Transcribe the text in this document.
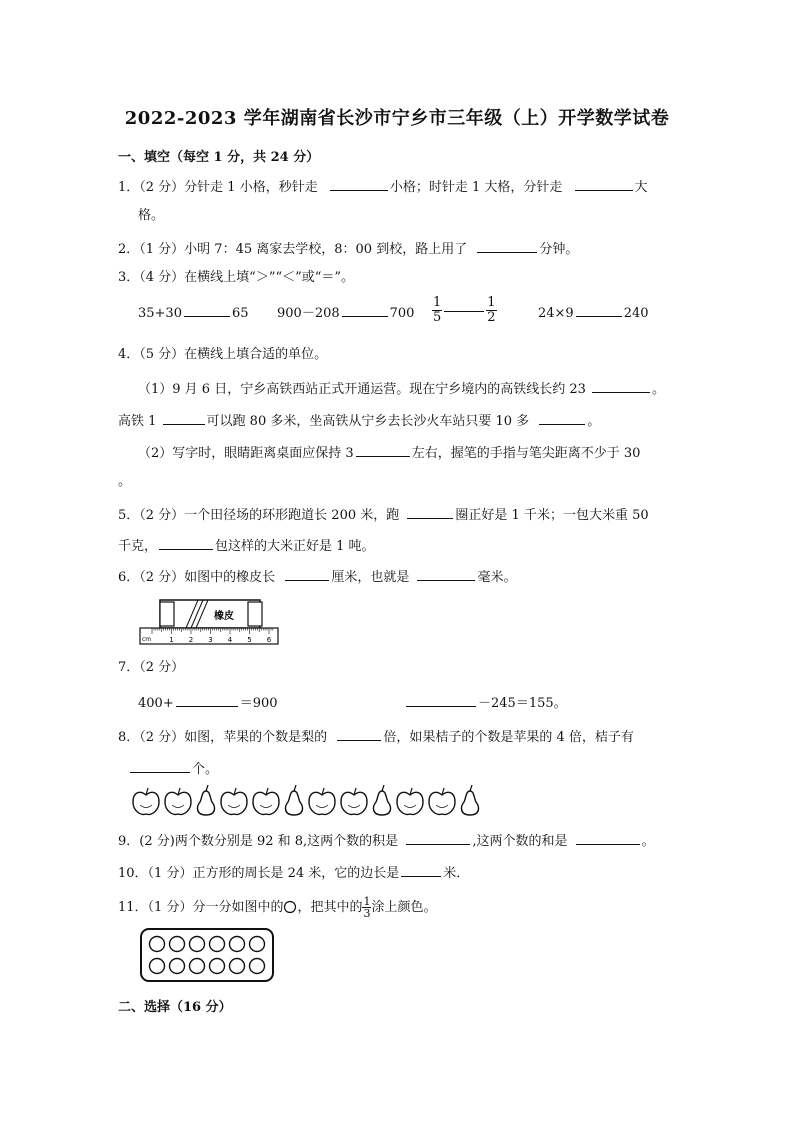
2022-2023 学年湖南省长沙市宁乡市三年级（上）开学数学试卷
一、填空（每空 1 分，共 24 分）
1．（2 分）分针走 1 小格，秒针走	小格；时针走 1 大格，分针走	大
格。
2．（1 分）小明 7：45 离家去学校，8：00 到校，路上用了	分钟。
3．（4 分）在横线上填“＞”“＜”或“＝”。
35+30	65 900－208	$700 \frac{1}{5}$	$\frac{1}{2}$	24×9	240
4．（5 分）在横线上填合适的单位。
（1）9 月 6 日，宁乡高铁西站正式开通运营。现在宁乡境内的高铁线长约 23	。
高铁 1	可以跑 80 多米，坐高铁从宁乡去长沙火车站只要 10 多	。
（2）写字时，眼睛距离桌面应保持 3	左右，握笔的手指与笔尖距离不少于 30
。
5．（2 分）一个田径场的环形跑道长 200 米，跑	圈正好是 1 千米；一包大米重 50
千克，	包这样的大米正好是 1 吨。
6．（2 分）如图中的橡皮长	厘米，也就是	毫米。
橡皮
1 2 3 4 5 6
cm
7．（2 分）
400+	＝900	－245＝155。
8．（2 分）如图，苹果的个数是梨的	倍，如果桔子的个数是苹果的 4 倍，桔子有
个。
9．(2 分)两个数分别是 92 和 8,这两个数的积是	,这两个数的和是	。
10．（1 分）正方形的周长是 24 米，它的边长是	米．
11．（1 分）分一分如图中的 ，把其中的 $\frac{1}{3}$ 涂上颜色。
二、选择（16 分）
